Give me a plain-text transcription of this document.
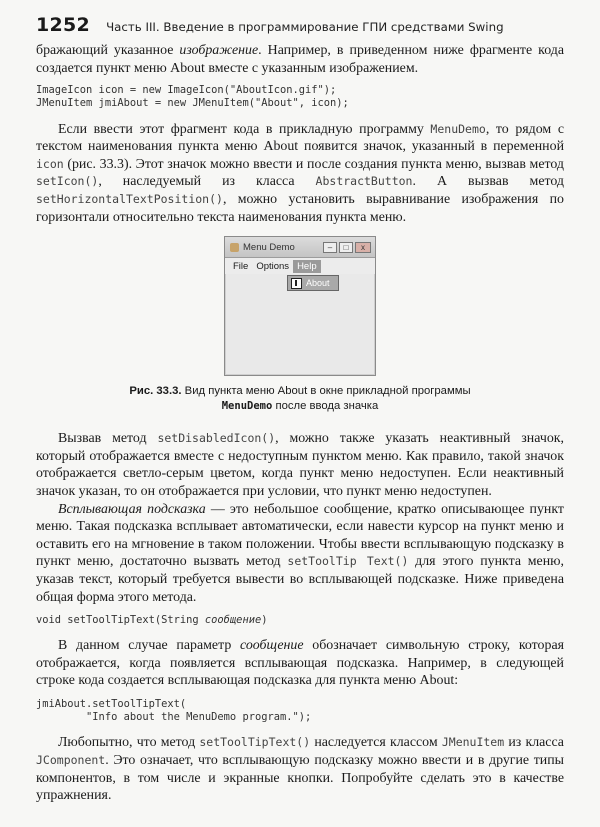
1252 Часть III. Введение в программирование ГПИ средствами Swing

бражающий указанное изображение. Например, в приведенном ниже фрагменте кода создается пункт меню About вместе с указанным изображением.

ImageIcon icon = new ImageIcon("AboutIcon.gif");
JMenuItem jmiAbout = new JMenuItem("About", icon);

Если ввести этот фрагмент кода в прикладную программу MenuDemo, то рядом с текстом наименования пункта меню About появится значок, указанный в переменной icon (рис. 33.3). Этот значок можно ввести и после создания пункта меню, вызвав метод setIcon(), наследуемый из класса AbstractButton. А вызвав метод setHorizontalTextPosition(), можно установить выравнивание изображения по горизонтали относительно текста наименования пункта меню.

Menu Demo	–	□	x
File Options Help
About
Рис. 33.3. Вид пункта меню About в окне прикладной программы
MenuDemo после ввода значка

Вызвав метод setDisabledIcon(), можно также указать неактивный значок, который отображается вместе с недоступным пунктом меню. Как правило, такой значок отображается светло-серым цветом, когда пункт меню недоступен. Если неактивный значок указан, то он отображается при условии, что пункт меню недоступен.

Всплывающая подсказка — это небольшое сообщение, кратко описывающее пункт меню. Такая подсказка всплывает автоматически, если навести курсор на пункт меню и оставить его на мгновение в таком положении. Чтобы ввести всплывающую подсказку в пункт меню, достаточно вызвать метод setToolTip Text() для этого пункта меню, указав текст, который требуется вывести во всплывающей подсказке. Ниже приведена общая форма этого метода.

void setToolTipText(String сообщение)

В данном случае параметр сообщение обозначает символьную строку, которая отображается, когда появляется всплывающая подсказка. Например, в следующей строке кода создается всплывающая подсказка для пункта меню About:

jmiAbout.setToolTipText(
"Info about the MenuDemo program.");

Любопытно, что метод setToolTipText() наследуется классом JMenuItem из класса JComponent. Это означает, что всплывающую подсказку можно ввести и в другие типы компонентов, в том числе и экранные кнопки. Попробуйте сделать это в качестве упражнения.
